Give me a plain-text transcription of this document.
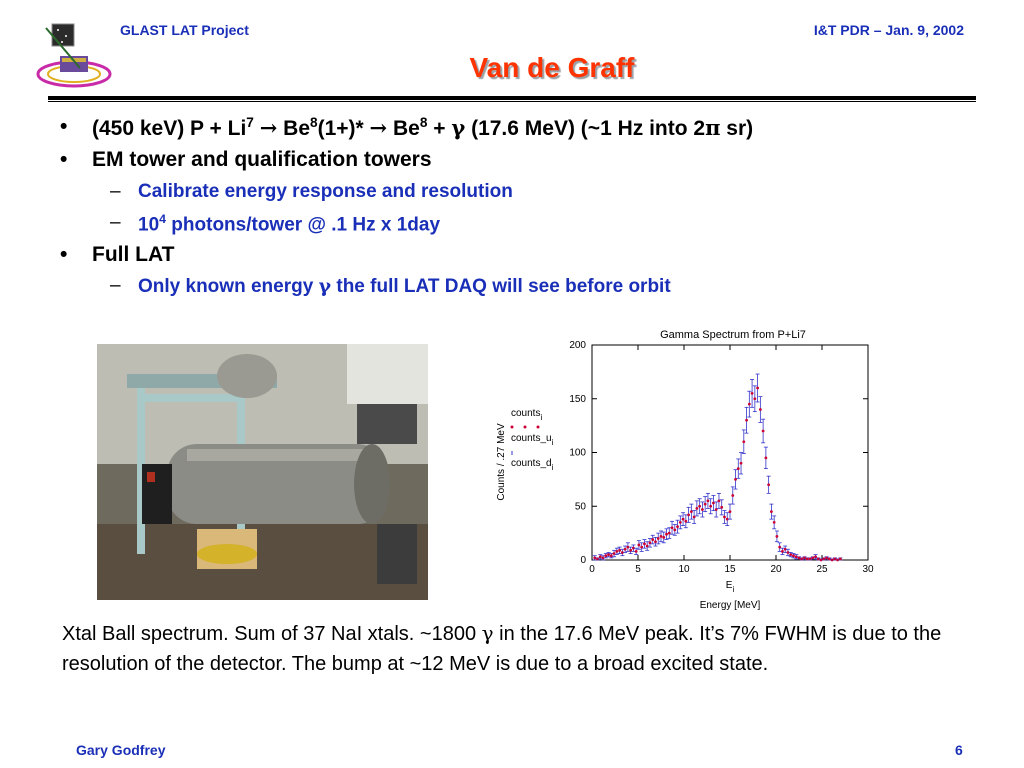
GLAST LAT Project	I&T PDR – Jan. 9, 2002
Van de Graff
• (450 keV) $P + Li^7 \to Be^8(1+)* \to Be^8 + \gamma$ (17.6 MeV) (~1 Hz into 2π sr)
• EM tower and qualification towers
– Calibrate energy response and resolution
– $10^4$ photons/tower @ .1 Hz x 1day
• Full LAT
– Only known energy γ the full LAT DAQ will see before orbit
Gamma Spectrum from P+Li7
0	5	10	15	20	25	30
0
50
100
150
200
Counts / .27 MeV
counts$_i$
$counts\_u_i$
$counts\_d_i$
$E_i$
Energy [MeV]
Xtal Ball spectrum. Sum of 37 NaI xtals. ~1800 γ in the 17.6 MeV peak. It’s 7% FWHM is due to the resolution of the detector. The bump at ~12 MeV is due to a broad excited state.
Gary Godfrey	6
